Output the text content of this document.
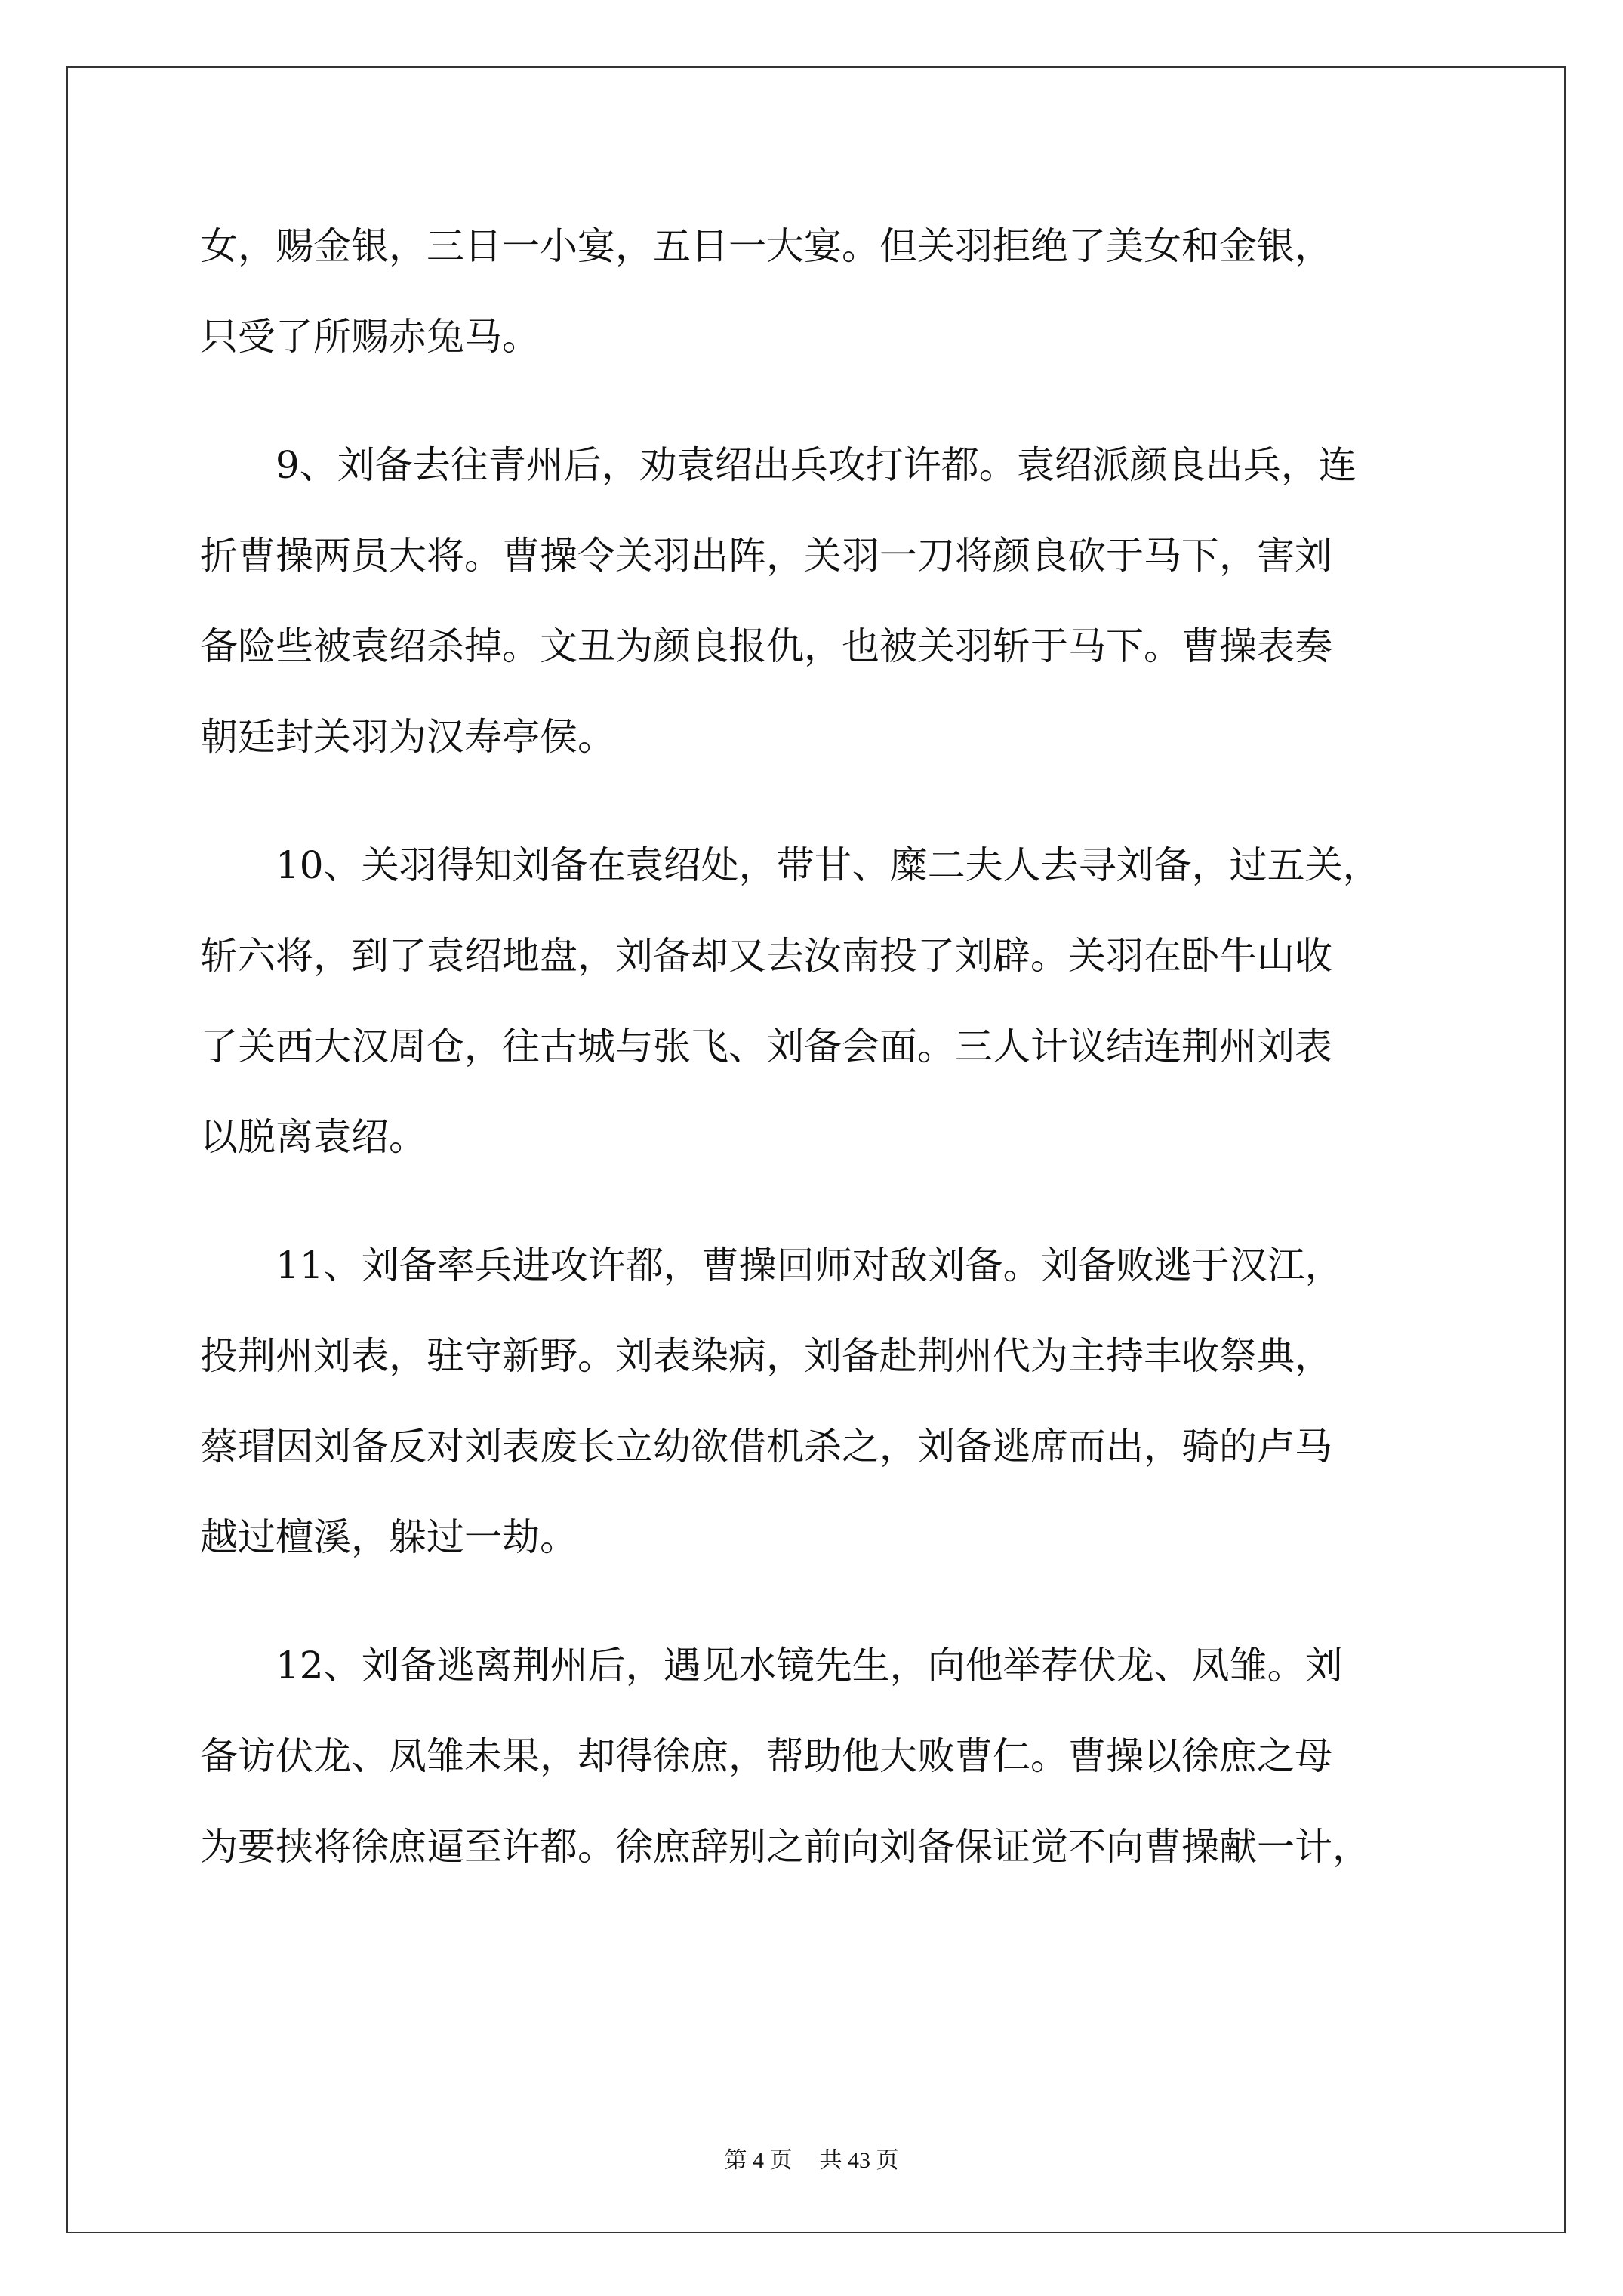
女，赐金银，三日一小宴，五日一大宴。但关羽拒绝了美女和金银，

只受了所赐赤兔马。

9、刘备去往青州后，劝袁绍出兵攻打许都。袁绍派颜良出兵，连

折曹操两员大将。曹操令关羽出阵，关羽一刀将颜良砍于马下，害刘

备险些被袁绍杀掉。文丑为颜良报仇，也被关羽斩于马下。曹操表奏

朝廷封关羽为汉寿亭侯。

10、关羽得知刘备在袁绍处，带甘、糜二夫人去寻刘备，过五关，

斩六将，到了袁绍地盘，刘备却又去汝南投了刘辟。关羽在卧牛山收

了关西大汉周仓，往古城与张飞、刘备会面。三人计议结连荆州刘表

以脱离袁绍。

11、刘备率兵进攻许都，曹操回师对敌刘备。刘备败逃于汉江，

投荆州刘表，驻守新野。刘表染病，刘备赴荆州代为主持丰收祭典，

蔡瑁因刘备反对刘表废长立幼欲借机杀之，刘备逃席而出，骑的卢马

越过檀溪，躲过一劫。

12、刘备逃离荆州后，遇见水镜先生，向他举荐伏龙、凤雏。刘

备访伏龙、凤雏未果，却得徐庶，帮助他大败曹仁。曹操以徐庶之母

为要挟将徐庶逼至许都。徐庶辞别之前向刘备保证觉不向曹操献一计，

第 4 页 共 43 页
